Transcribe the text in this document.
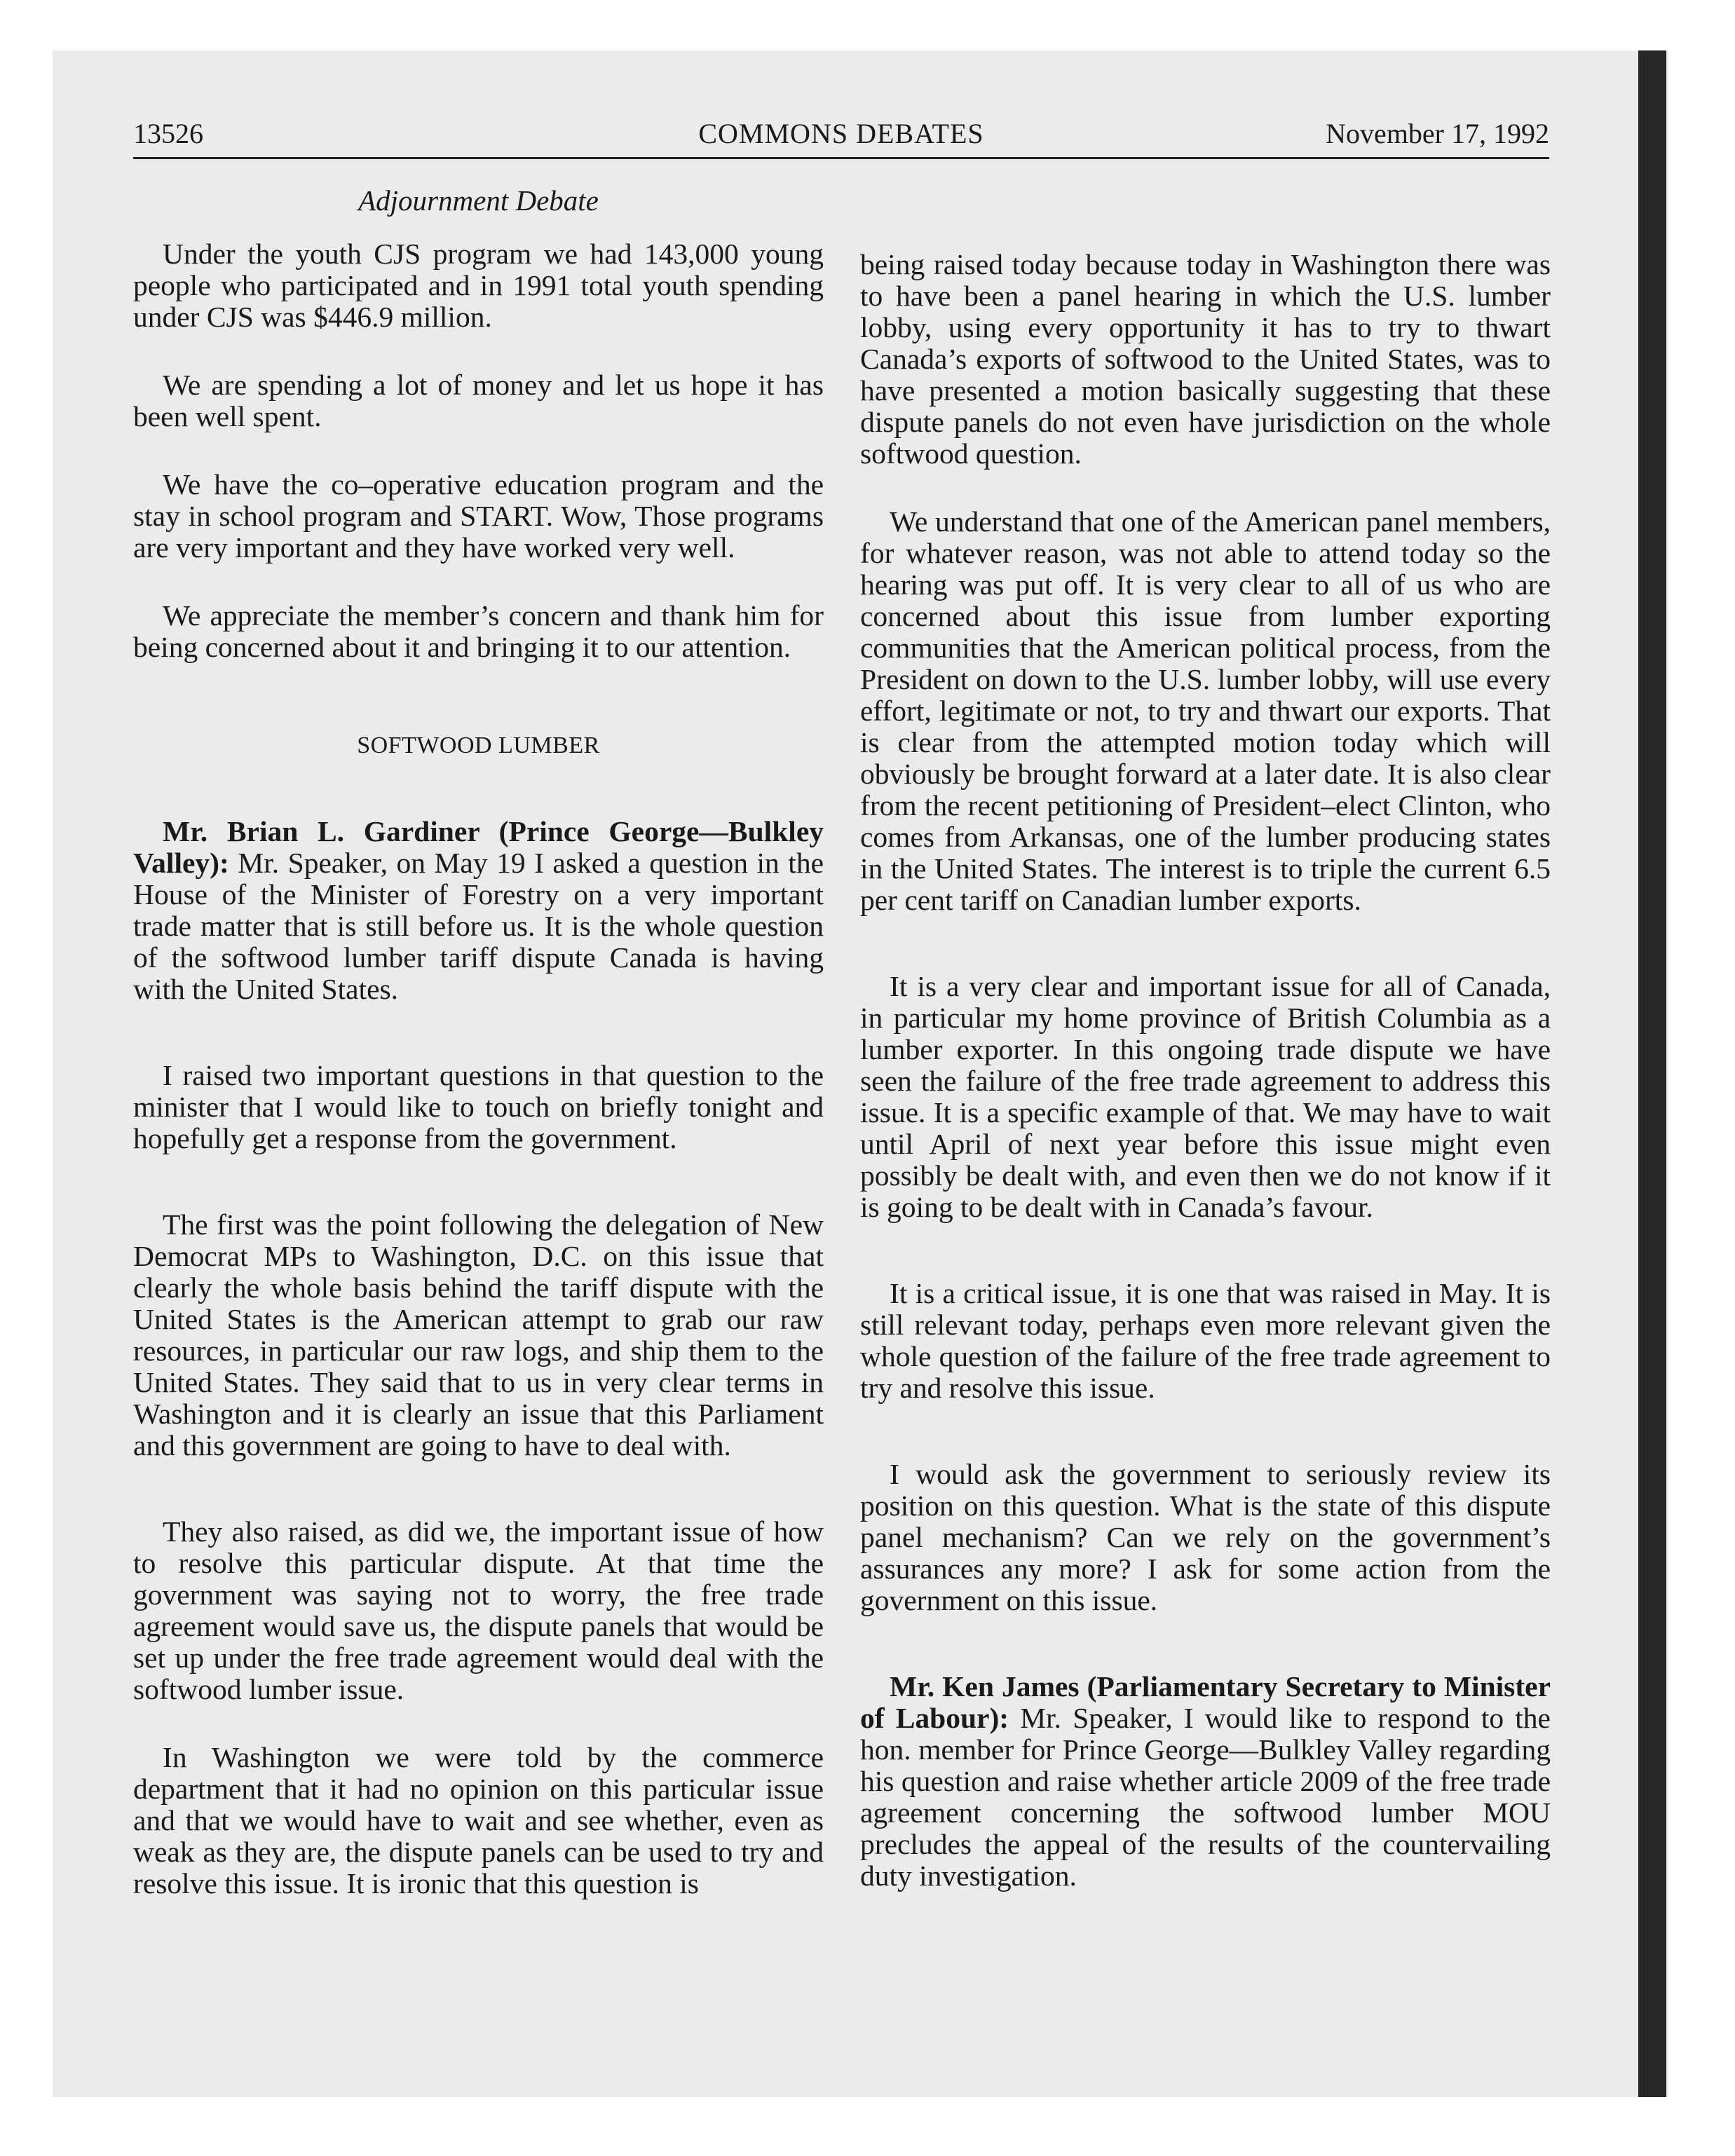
13526	COMMONS DEBATES	November 17, 1992
Adjournment Debate

Under the youth CJS program we had 143,000 young people who participated and in 1991 total youth spending under CJS was $446.9 million.

We are spending a lot of money and let us hope it has been well spent.

We have the co–operative education program and the stay in school program and START. Wow, Those programs are very important and they have worked very well.

We appreciate the member’s concern and thank him for being concerned about it and bringing it to our attention.

SOFTWOOD LUMBER

Mr. Brian L. Gardiner (Prince George—Bulkley Valley): Mr. Speaker, on May 19 I asked a question in the House of the Minister of Forestry on a very important trade matter that is still before us. It is the whole question of the softwood lumber tariff dispute Canada is having with the United States.

I raised two important questions in that question to the minister that I would like to touch on briefly tonight and hopefully get a response from the government.

The first was the point following the delegation of New Democrat MPs to Washington, D.C. on this issue that clearly the whole basis behind the tariff dispute with the United States is the American attempt to grab our raw resources, in particular our raw logs, and ship them to the United States. They said that to us in very clear terms in Washington and it is clearly an issue that this Parliament and this government are going to have to deal with.

They also raised, as did we, the important issue of how to resolve this particular dispute. At that time the government was saying not to worry, the free trade agreement would save us, the dispute panels that would be set up under the free trade agreement would deal with the softwood lumber issue.

In Washington we were told by the commerce department that it had no opinion on this particular issue and that we would have to wait and see whether, even as weak as they are, the dispute panels can be used to try and resolve this issue. It is ironic that this question is

being raised today because today in Washington there was to have been a panel hearing in which the U.S. lumber lobby, using every opportunity it has to try to thwart Canada’s exports of softwood to the United States, was to have presented a motion basically suggesting that these dispute panels do not even have jurisdiction on the whole softwood question.

We understand that one of the American panel members, for whatever reason, was not able to attend today so the hearing was put off. It is very clear to all of us who are concerned about this issue from lumber exporting communities that the American political process, from the President on down to the U.S. lumber lobby, will use every effort, legitimate or not, to try and thwart our exports. That is clear from the attempted motion today which will obviously be brought forward at a later date. It is also clear from the recent petitioning of President–elect Clinton, who comes from Arkansas, one of the lumber producing states in the United States. The interest is to triple the current 6.5 per cent tariff on Canadian lumber exports.

It is a very clear and important issue for all of Canada, in particular my home province of British Columbia as a lumber exporter. In this ongoing trade dispute we have seen the failure of the free trade agreement to address this issue. It is a specific example of that. We may have to wait until April of next year before this issue might even possibly be dealt with, and even then we do not know if it is going to be dealt with in Canada’s favour.

It is a critical issue, it is one that was raised in May. It is still relevant today, perhaps even more relevant given the whole question of the failure of the free trade agreement to try and resolve this issue.

I would ask the government to seriously review its position on this question. What is the state of this dispute panel mechanism? Can we rely on the government’s assurances any more? I ask for some action from the government on this issue.

Mr. Ken James (Parliamentary Secretary to Minister of Labour): Mr. Speaker, I would like to respond to the hon. member for Prince George—Bulkley Valley regarding his question and raise whether article 2009 of the free trade agreement concerning the softwood lumber MOU precludes the appeal of the results of the countervailing duty investigation.
